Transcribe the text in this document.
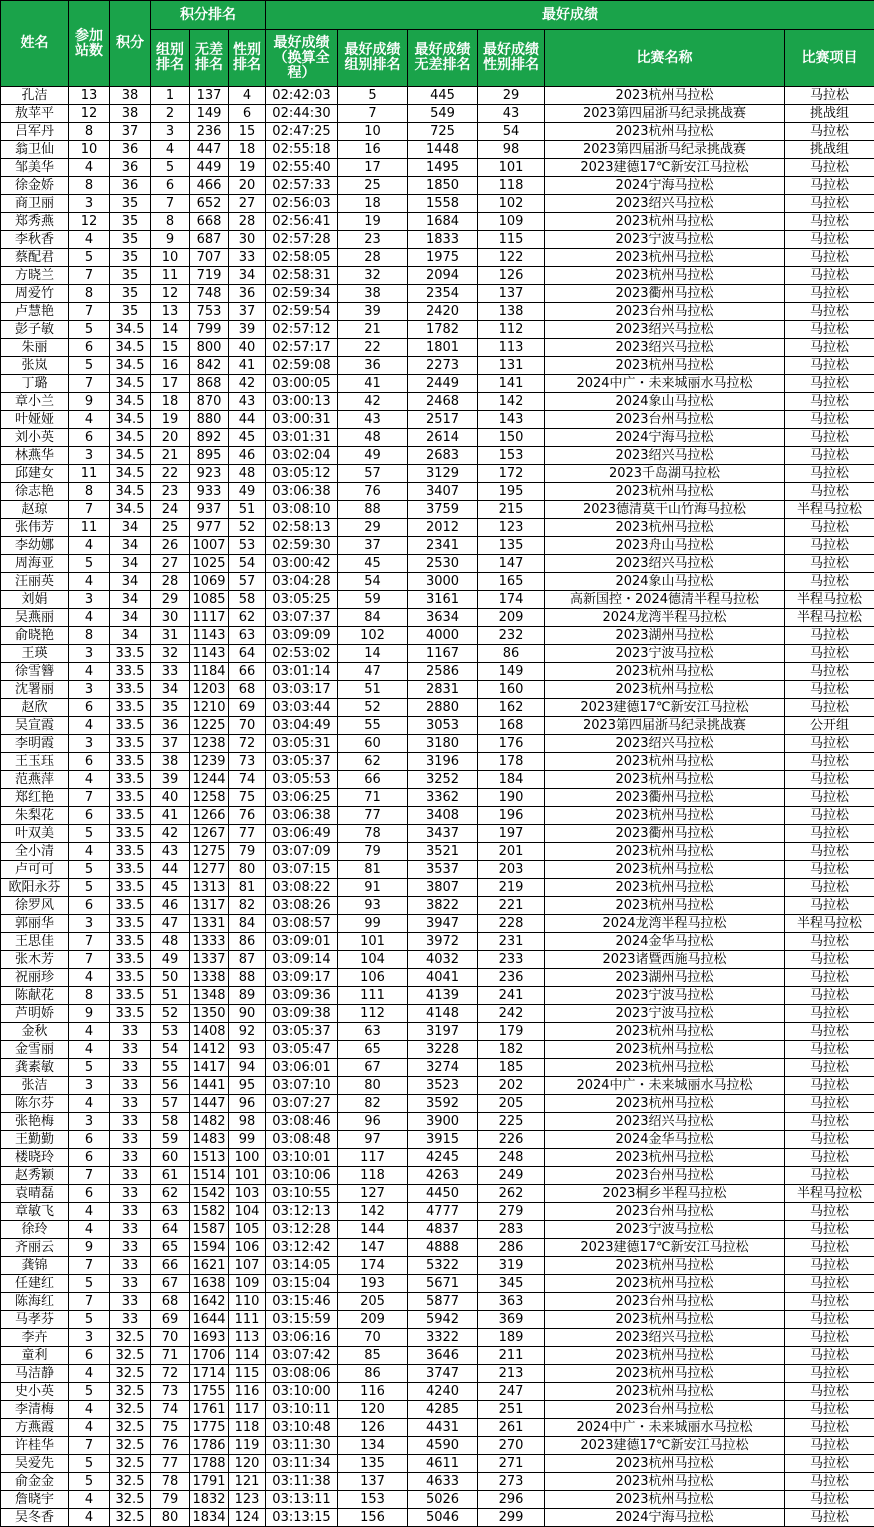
姓名	参加站数	积分	积分排名			最好成绩					
			组别排名	无差排名	性别排名	最好成绩（换算全程）	最好成绩组别排名	最好成绩无差排名	最好成绩性别排名	比赛名称	比赛项目
孔洁	13	38	1	137	4	02:42:03	5	445	29	2023杭州马拉松	马拉松
敖苹平	12	38	2	149	6	02:44:30	7	549	43	2023第四届浙马纪录挑战赛	挑战组
吕军丹	8	37	3	236	15	02:47:25	10	725	54	2023杭州马拉松	马拉松
翁卫仙	10	36	4	447	18	02:55:18	16	1448	98	2023第四届浙马纪录挑战赛	挑战组
邹美华	4	36	5	449	19	02:55:40	17	1495	101	2023建德17℃新安江马拉松	马拉松
徐金娇	8	36	6	466	20	02:57:33	25	1850	118	2024宁海马拉松	马拉松
商卫丽	3	35	7	652	27	02:56:03	18	1558	102	2023绍兴马拉松	马拉松
郑秀燕	12	35	8	668	28	02:56:41	19	1684	109	2023杭州马拉松	马拉松
李秋香	4	35	9	687	30	02:57:28	23	1833	115	2023宁波马拉松	马拉松
蔡配君	5	35	10	707	33	02:58:05	28	1975	122	2023杭州马拉松	马拉松
方晓兰	7	35	11	719	34	02:58:31	32	2094	126	2023杭州马拉松	马拉松
周爱竹	8	35	12	748	36	02:59:34	38	2354	137	2023衢州马拉松	马拉松
卢慧艳	7	35	13	753	37	02:59:54	39	2420	138	2023台州马拉松	马拉松
彭子敏	5	34.5	14	799	39	02:57:12	21	1782	112	2023绍兴马拉松	马拉松
朱丽	6	34.5	15	800	40	02:57:17	22	1801	113	2023绍兴马拉松	马拉松
张岚	5	34.5	16	842	41	02:59:08	36	2273	131	2023杭州马拉松	马拉松
丁璐	7	34.5	17	868	42	03:00:05	41	2449	141	2024中广・未来城丽水马拉松	马拉松
章小兰	9	34.5	18	870	43	03:00:13	42	2468	142	2024象山马拉松	马拉松
叶娅娅	4	34.5	19	880	44	03:00:31	43	2517	143	2023台州马拉松	马拉松
刘小英	6	34.5	20	892	45	03:01:31	48	2614	150	2024宁海马拉松	马拉松
林燕华	3	34.5	21	895	46	03:02:04	49	2683	153	2023绍兴马拉松	马拉松
邱建女	11	34.5	22	923	48	03:05:12	57	3129	172	2023千岛湖马拉松	马拉松
徐志艳	8	34.5	23	933	49	03:06:38	76	3407	195	2023杭州马拉松	马拉松
赵琼	7	34.5	24	937	51	03:08:10	88	3759	215	2023德清莫干山竹海马拉松	半程马拉松
张伟芳	11	34	25	977	52	02:58:13	29	2012	123	2023杭州马拉松	马拉松
李幼娜	4	34	26	1007	53	02:59:30	37	2341	135	2023舟山马拉松	马拉松
周海亚	5	34	27	1025	54	03:00:42	45	2530	147	2023绍兴马拉松	马拉松
汪丽英	4	34	28	1069	57	03:04:28	54	3000	165	2024象山马拉松	马拉松
刘娟	3	34	29	1085	58	03:05:25	59	3161	174	高新国控・2024德清半程马拉松	半程马拉松
吴燕丽	4	34	30	1117	62	03:07:37	84	3634	209	2024龙湾半程马拉松	半程马拉松
俞晓艳	8	34	31	1143	63	03:09:09	102	4000	232	2023湖州马拉松	马拉松
王瑛	3	33.5	32	1143	64	02:53:02	14	1167	86	2023宁波马拉松	马拉松
徐雪簪	4	33.5	33	1184	66	03:01:14	47	2586	149	2023杭州马拉松	马拉松
沈署丽	3	33.5	34	1203	68	03:03:17	51	2831	160	2023杭州马拉松	马拉松
赵欣	6	33.5	35	1210	69	03:03:44	52	2880	162	2023建德17℃新安江马拉松	马拉松
吴宣霞	4	33.5	36	1225	70	03:04:49	55	3053	168	2023第四届浙马纪录挑战赛	公开组
李明霞	3	33.5	37	1238	72	03:05:31	60	3180	176	2023绍兴马拉松	马拉松
王玉珏	6	33.5	38	1239	73	03:05:37	62	3196	178	2023杭州马拉松	马拉松
范燕萍	4	33.5	39	1244	74	03:05:53	66	3252	184	2023杭州马拉松	马拉松
郑红艳	7	33.5	40	1258	75	03:06:25	71	3362	190	2023衢州马拉松	马拉松
朱梨花	6	33.5	41	1266	76	03:06:38	77	3408	196	2023杭州马拉松	马拉松
叶双美	5	33.5	42	1267	77	03:06:49	78	3437	197	2023衢州马拉松	马拉松
全小清	4	33.5	43	1275	79	03:07:09	79	3521	201	2023杭州马拉松	马拉松
卢可可	5	33.5	44	1277	80	03:07:15	81	3537	203	2023杭州马拉松	马拉松
欧阳永芬	5	33.5	45	1313	81	03:08:22	91	3807	219	2023杭州马拉松	马拉松
徐罗风	6	33.5	46	1317	82	03:08:26	93	3822	221	2023杭州马拉松	马拉松
郭丽华	3	33.5	47	1331	84	03:08:57	99	3947	228	2024龙湾半程马拉松	半程马拉松
王思佳	7	33.5	48	1333	86	03:09:01	101	3972	231	2024金华马拉松	马拉松
张木芳	7	33.5	49	1337	87	03:09:14	104	4032	233	2023诸暨西施马拉松	马拉松
祝丽珍	4	33.5	50	1338	88	03:09:17	106	4041	236	2023湖州马拉松	马拉松
陈献花	8	33.5	51	1348	89	03:09:36	111	4139	241	2023宁波马拉松	马拉松
芦明娇	9	33.5	52	1350	90	03:09:38	112	4148	242	2023宁波马拉松	马拉松
金秋	4	33	53	1408	92	03:05:37	63	3197	179	2023杭州马拉松	马拉松
金雪丽	4	33	54	1412	93	03:05:47	65	3228	182	2023杭州马拉松	马拉松
龚素敏	5	33	55	1417	94	03:06:01	67	3274	185	2023杭州马拉松	马拉松
张洁	3	33	56	1441	95	03:07:10	80	3523	202	2024中广・未来城丽水马拉松	马拉松
陈尔芬	4	33	57	1447	96	03:07:27	82	3592	205	2023杭州马拉松	马拉松
张艳梅	3	33	58	1482	98	03:08:46	96	3900	225	2023绍兴马拉松	马拉松
王勤勤	6	33	59	1483	99	03:08:48	97	3915	226	2024金华马拉松	马拉松
楼晓玲	6	33	60	1513	100	03:10:01	117	4245	248	2023杭州马拉松	马拉松
赵秀颖	7	33	61	1514	101	03:10:06	118	4263	249	2023台州马拉松	马拉松
袁晴磊	6	33	62	1542	103	03:10:55	127	4450	262	2023桐乡半程马拉松	半程马拉松
章敏飞	4	33	63	1582	104	03:12:13	142	4777	279	2023台州马拉松	马拉松
徐玲	4	33	64	1587	105	03:12:28	144	4837	283	2023宁波马拉松	马拉松
齐丽云	9	33	65	1594	106	03:12:42	147	4888	286	2023建德17℃新安江马拉松	马拉松
龚锦	7	33	66	1621	107	03:14:05	174	5322	319	2023杭州马拉松	马拉松
任建红	5	33	67	1638	109	03:15:04	193	5671	345	2023杭州马拉松	马拉松
陈海红	7	33	68	1642	110	03:15:46	205	5877	363	2023台州马拉松	马拉松
马孝芬	5	33	69	1644	111	03:15:59	209	5942	369	2023杭州马拉松	马拉松
李卉	3	32.5	70	1693	113	03:06:16	70	3322	189	2023绍兴马拉松	马拉松
童利	6	32.5	71	1706	114	03:07:42	85	3646	211	2023杭州马拉松	马拉松
马洁静	4	32.5	72	1714	115	03:08:06	86	3747	213	2023杭州马拉松	马拉松
史小英	5	32.5	73	1755	116	03:10:00	116	4240	247	2023杭州马拉松	马拉松
李清梅	4	32.5	74	1761	117	03:10:11	120	4285	251	2023台州马拉松	马拉松
方燕霞	4	32.5	75	1775	118	03:10:48	126	4431	261	2024中广・未来城丽水马拉松	马拉松
许桂华	7	32.5	76	1786	119	03:11:30	134	4590	270	2023建德17℃新安江马拉松	马拉松
吴爱先	5	32.5	77	1788	120	03:11:34	135	4611	271	2023杭州马拉松	马拉松
俞金金	5	32.5	78	1791	121	03:11:38	137	4633	273	2023杭州马拉松	马拉松
詹晓宇	4	32.5	79	1832	123	03:13:11	153	5026	296	2023杭州马拉松	马拉松
吴冬香	4	32.5	80	1834	124	03:13:15	156	5046	299	2024宁海马拉松	马拉松
